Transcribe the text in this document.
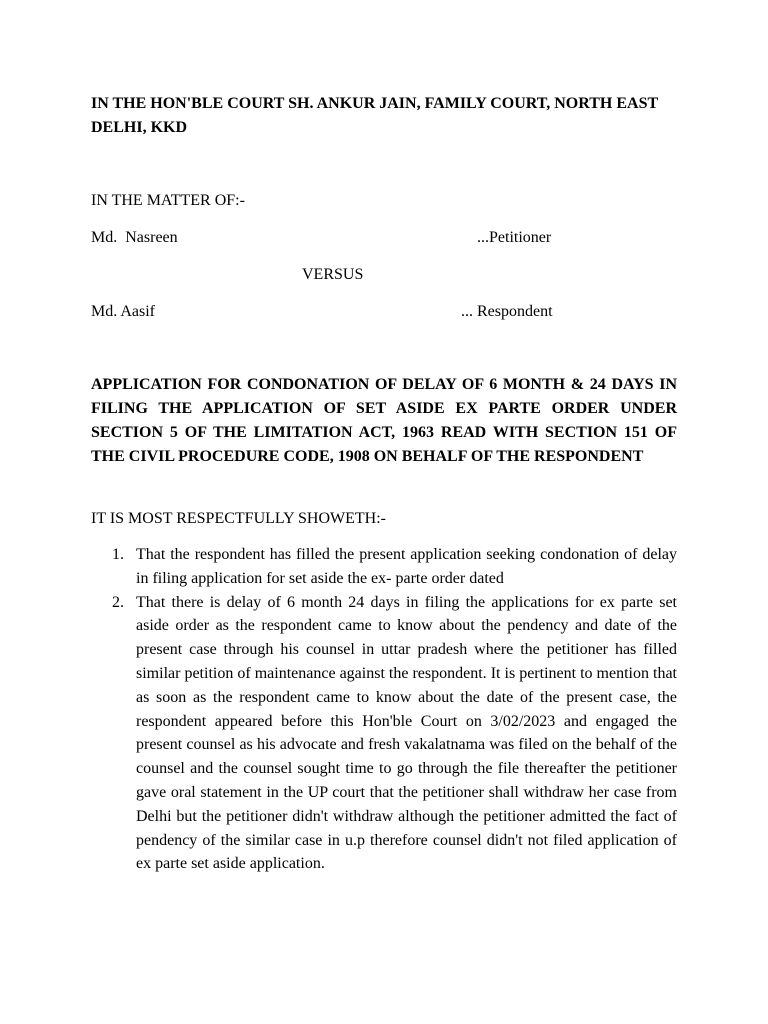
IN THE HON'BLE COURT SH. ANKUR JAIN, FAMILY COURT, NORTH EAST DELHI, KKD

IN THE MATTER OF:-

Md.  Nasreen	...Petitioner
VERSUS
Md. Aasif	... Respondent

APPLICATION FOR CONDONATION OF DELAY OF 6 MONTH & 24 DAYS IN FILING THE APPLICATION OF SET ASIDE EX PARTE ORDER UNDER SECTION 5 OF THE LIMITATION ACT, 1963 READ WITH SECTION 151 OF THE CIVIL PROCEDURE CODE, 1908 ON BEHALF OF THE RESPONDENT

IT IS MOST RESPECTFULLY SHOWETH:-

1. That the respondent has filled the present application seeking condonation of delay in filing application for set aside the ex- parte order dated
2. That there is delay of 6 month 24 days in filing the applications for ex parte set aside order as the respondent came to know about the pendency and date of the present case through his counsel in uttar pradesh where the petitioner has filled similar petition of maintenance against the respondent. It is pertinent to mention that as soon as the respondent came to know about the date of the present case, the respondent appeared before this Hon'ble Court on 3/02/2023 and engaged the present counsel as his advocate and fresh vakalatnama was filed on the behalf of the counsel and the counsel sought time to go through the file thereafter the petitioner gave oral statement in the UP court that the petitioner shall withdraw her case from Delhi but the petitioner didn't withdraw although the petitioner admitted the fact of pendency of the similar case in u.p therefore counsel didn't not filed application of ex parte set aside application.
